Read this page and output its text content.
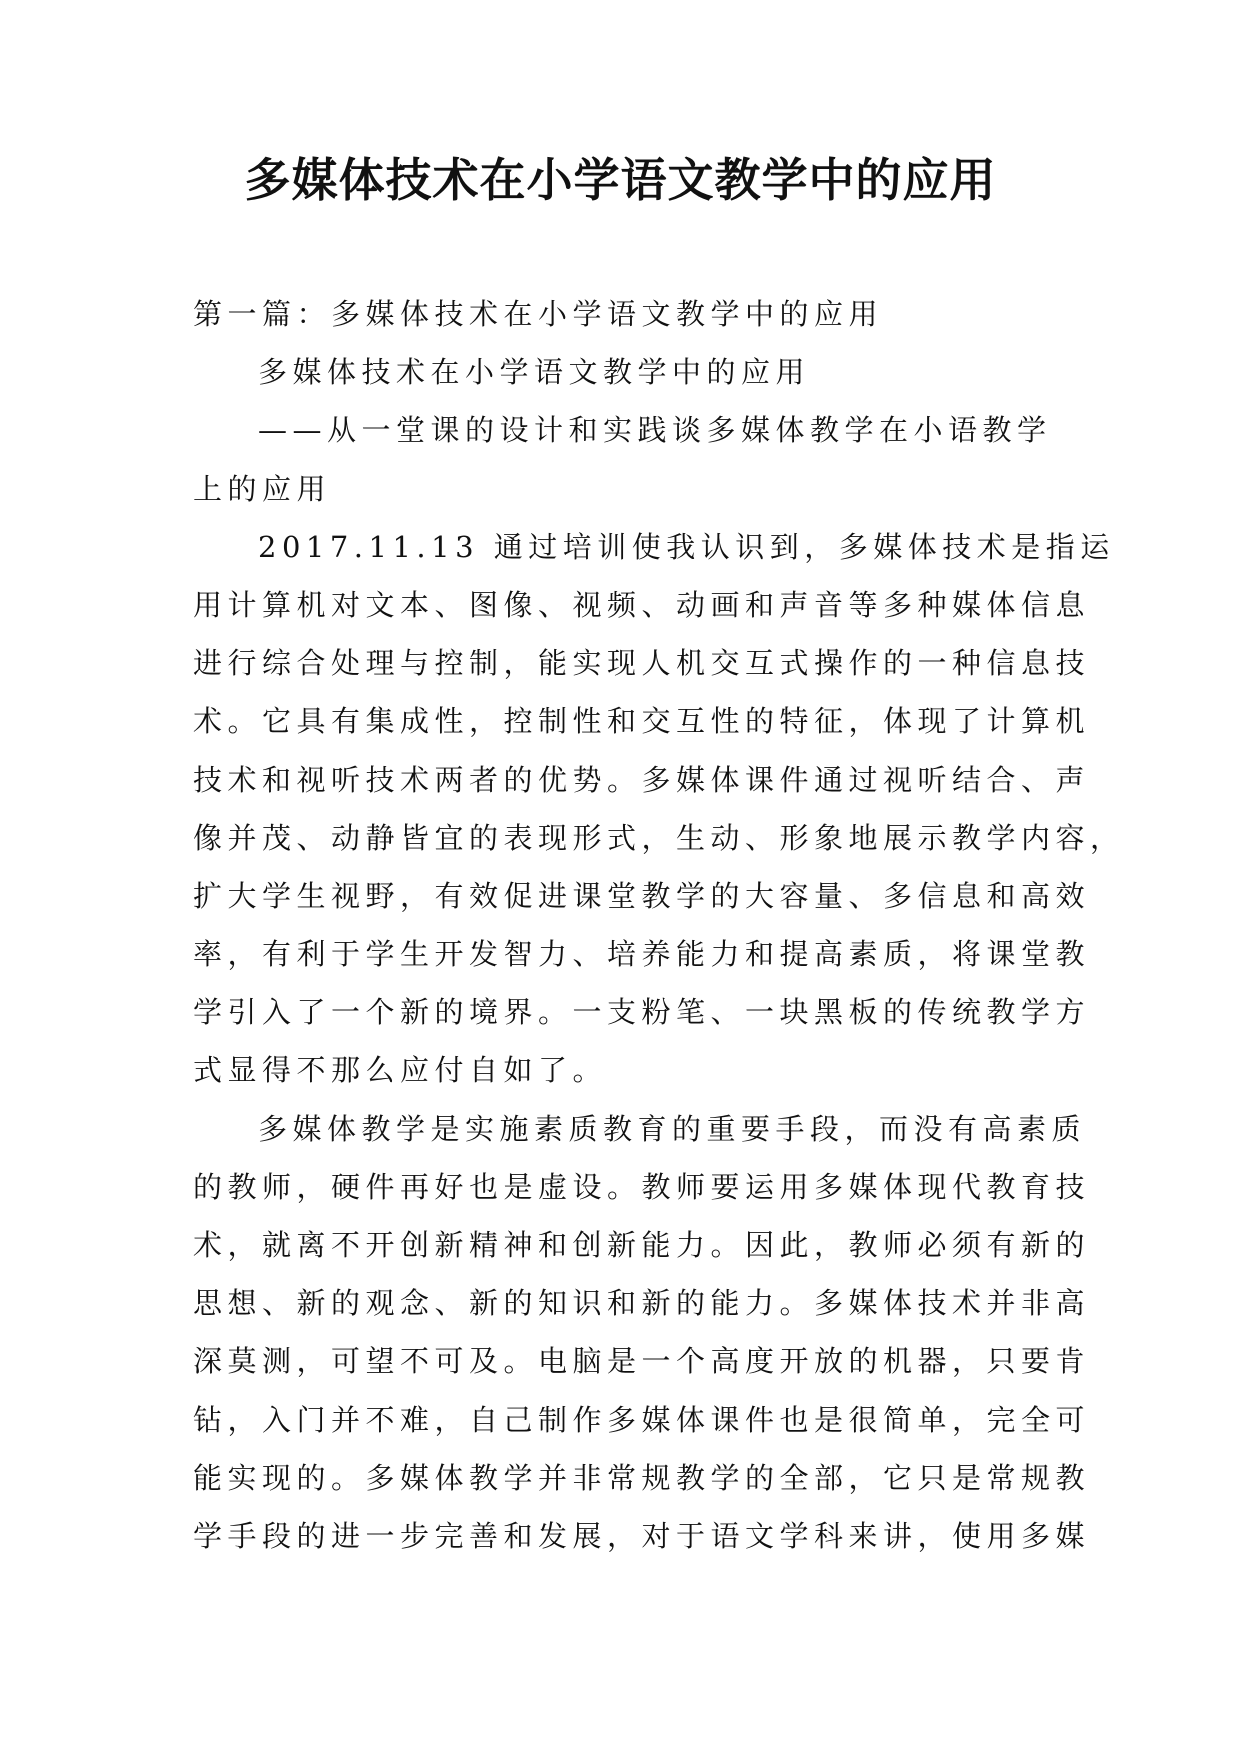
多媒体技术在小学语文教学中的应用

第一篇：多媒体技术在小学语文教学中的应用

多媒体技术在小学语文教学中的应用

——从一堂课的设计和实践谈多媒体教学在小语教学

上的应用

2017.11.13 通过培训使我认识到，多媒体技术是指运

用计算机对文本、图像、视频、动画和声音等多种媒体信息

进行综合处理与控制，能实现人机交互式操作的一种信息技

术。它具有集成性，控制性和交互性的特征，体现了计算机

技术和视听技术两者的优势。多媒体课件通过视听结合、声

像并茂、动静皆宜的表现形式，生动、形象地展示教学内容，

扩大学生视野，有效促进课堂教学的大容量、多信息和高效

率，有利于学生开发智力、培养能力和提高素质，将课堂教

学引入了一个新的境界。一支粉笔、一块黑板的传统教学方

式显得不那么应付自如了。

多媒体教学是实施素质教育的重要手段，而没有高素质

的教师，硬件再好也是虚设。教师要运用多媒体现代教育技

术，就离不开创新精神和创新能力。因此，教师必须有新的

思想、新的观念、新的知识和新的能力。多媒体技术并非高

深莫测，可望不可及。电脑是一个高度开放的机器，只要肯

钻，入门并不难，自己制作多媒体课件也是很简单，完全可

能实现的。多媒体教学并非常规教学的全部，它只是常规教

学手段的进一步完善和发展，对于语文学科来讲，使用多媒
